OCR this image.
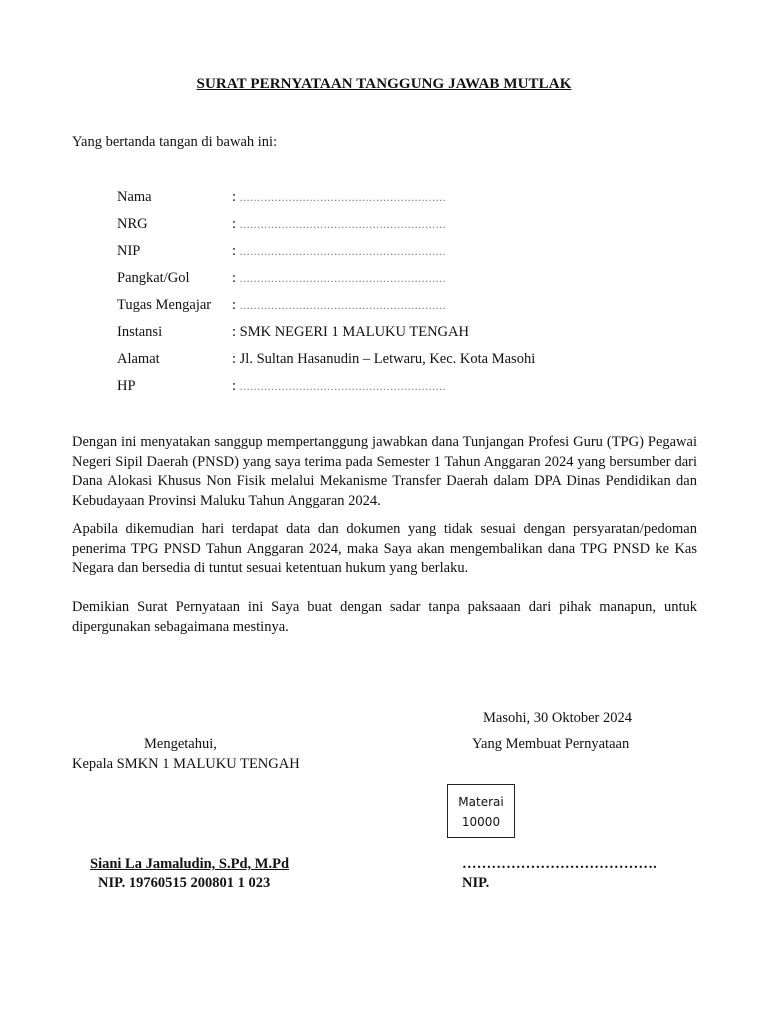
SURAT PERNYATAAN TANGGUNG JAWAB MUTLAK
Yang bertanda tangan di bawah ini:
Nama	: ...........................................................
NRG	: ...........................................................
NIP	: ...........................................................
Pangkat/Gol	: ...........................................................
Tugas Mengajar	: ...........................................................
Instansi	: SMK NEGERI 1 MALUKU TENGAH
Alamat	: Jl. Sultan Hasanudin – Letwaru, Kec. Kota Masohi
HP	: ...........................................................

Dengan ini menyatakan sanggup mempertanggung jawabkan dana Tunjangan Profesi Guru (TPG) Pegawai Negeri Sipil Daerah (PNSD) yang saya terima pada Semester 1 Tahun Anggaran 2024 yang bersumber dari Dana Alokasi Khusus Non Fisik melalui Mekanisme Transfer Daerah dalam DPA Dinas Pendidikan dan Kebudayaan Provinsi Maluku Tahun Anggaran 2024.

Apabila dikemudian hari terdapat data dan dokumen yang tidak sesuai dengan persyaratan/pedoman penerima TPG PNSD Tahun Anggaran 2024, maka Saya akan mengembalikan dana TPG PNSD ke Kas Negara dan bersedia di tuntut sesuai ketentuan hukum yang berlaku.

Demikian Surat Pernyataan ini Saya buat dengan sadar tanpa paksaaan dari pihak manapun, untuk dipergunakan sebagaimana mestinya.

Masohi, 30 Oktober 2024
Mengetahui,	Yang Membuat Pernyataan
Kepala SMKN 1 MALUKU TENGAH
Materai
10000
Siani La Jamaludin, S.Pd, M.Pd
NIP. 19760515 200801 1 023
………………………………….
NIP.
